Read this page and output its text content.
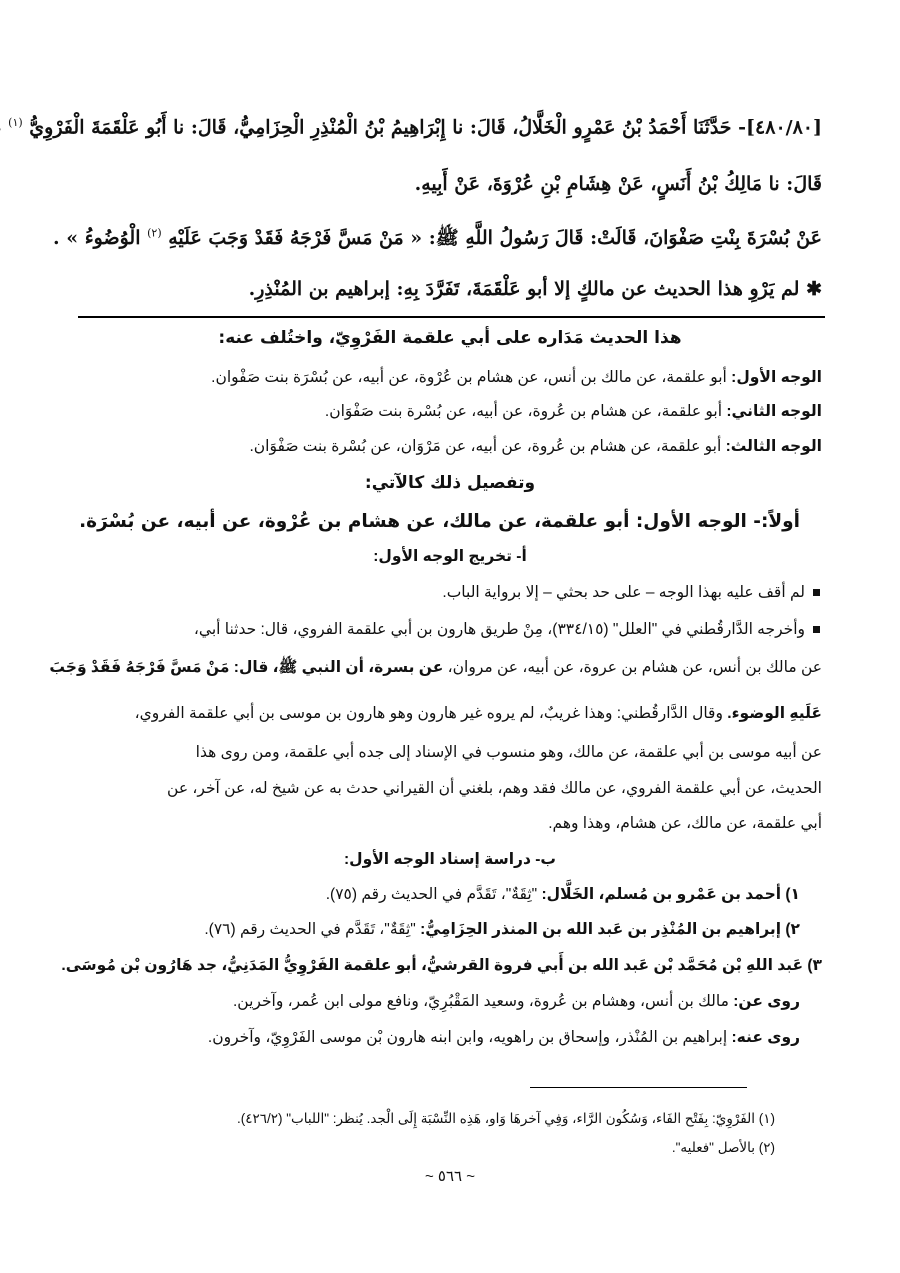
[٤٨٠/٨٠]- حَدَّثَنَا أَحْمَدُ بْنُ عَمْرٍو الْخَلَّالُ، قَالَ: نا إِبْرَاهِيمُ بْنُ الْمُنْذِرِ الْحِزَامِيُّ، قَالَ: نا أَبُو عَلْقَمَةَ الْفَرْوِيُّ $^{(١)}$
قَالَ: نا مَالِكُ بْنُ أَنَسٍ، عَنْ هِشَامِ بْنِ عُرْوَةَ، عَنْ أَبِيهِ.
عَنْ بُسْرَةَ بِنْتِ صَفْوَانَ، قَالَتْ: قَالَ رَسُولُ اللَّهِ ﷺ: « مَنْ مَسَّ فَرْجَهُ فَقَدْ وَجَبَ عَلَيْهِ $^{(٢)}$ الْوُضُوءُ » .
✱ لم يَرْوِ هذا الحديث عن مالكٍ إلا أبو عَلْقَمَةَ، تَفَرَّدَ بِهِ: إبراهيم بن المُنْذِرِ.
هذا الحديث مَدَاره على أبي علقمة الفَرْوِيّ، واختُلف عنه:
الوجه الأول: أبو علقمة، عن مالك بن أنس، عن هشام بن عُرْوة، عن أبيه، عن بُسْرَة بنت صَفْوان.
الوجه الثاني: أبو علقمة، عن هشام بن عُروة، عن أبيه، عن بُسْرة بنت صَفْوَان.
الوجه الثالث: أبو علقمة، عن هشام بن عُروة، عن أبيه، عن مَرْوَان، عن بُسْرة بنت صَفْوَان.
وتفصيل ذلك كالآتي:
أولاً:- الوجه الأول: أبو علقمة، عن مالك، عن هشام بن عُرْوة، عن أبيه، عن بُسْرَة.
أ- تخريج الوجه الأول:
لم أقف عليه بهذا الوجه – على حد بحثي – إلا برواية الباب.
وأخرجه الدَّارقُطني في "العلل" (٣٣٤/١٥)، مِنْ طريق هارون بن أبي علقمة الفروي، قال: حدثنا أبي،
عن مالك بن أنس، عن هشام بن عروة، عن أبيه، عن مروان، عن بسرة، أن النبي ﷺ، قال: مَنْ مَسَّ فَرْجَهُ فَقَدْ وَجَبَ
عَلَيهِ الوضوء. وقال الدَّارقُطني: وهذا غريبٌ، لم يروه غير هارون وهو هارون بن موسى بن أبي علقمة الفروي،
عن أبيه موسى بن أبي علقمة، عن مالك، وهو منسوب في الإسناد إلى جده أبي علقمة، ومن روى هذا
الحديث، عن أبي علقمة الفروي، عن مالك فقد وهم، بلغني أن القيراني حدث به عن شيخ له، عن آخر، عن
أبي علقمة، عن مالك، عن هشام، وهذا وهم.
ب- دراسة إسناد الوجه الأول:
١) أحمد بن عَمْرو بن مُسلم، الخَلَّال: "ثِقَةٌ"، تَقَدَّم في الحديث رقم (٧٥).
٢) إبراهيم بن المُنْذِر بن عَبد الله بن المنذر الحِزَامِيُّ: "ثِقَةٌ"، تَقَدَّم في الحديث رقم (٧٦).
٣) عَبد اللهِ بْن مُحَمَّد بْن عَبد الله بن أَبي فروة القرشيُّ، أبو علقمة الفَرْوِيُّ المَدَنِيُّ، جد هَارُون بْن مُوسَى.
روى عن: مالك بن أنس، وهشام بن عُروة، وسعيد المَقْبُرِيّ، ونافع مولى ابن عُمر، وآخرين.
روى عنه: إبراهيم بن المُنْذر، وإسحاق بن راهويه، وابن ابنه هارون بْن موسى الفَرْوِيّ، وآخرون.
(١) الفَرْوِيّ: بِفَتْح الفَاء، وَسُكُون الرَّاء، وَفِي آخرهَا وَاو، هَذِه النِّسْبَة إِلَى الْجد. يُنظر: "اللباب" (٤٢٦/٢).
(٢) بالأصل "فعليه".
~ ٥٦٦ ~
